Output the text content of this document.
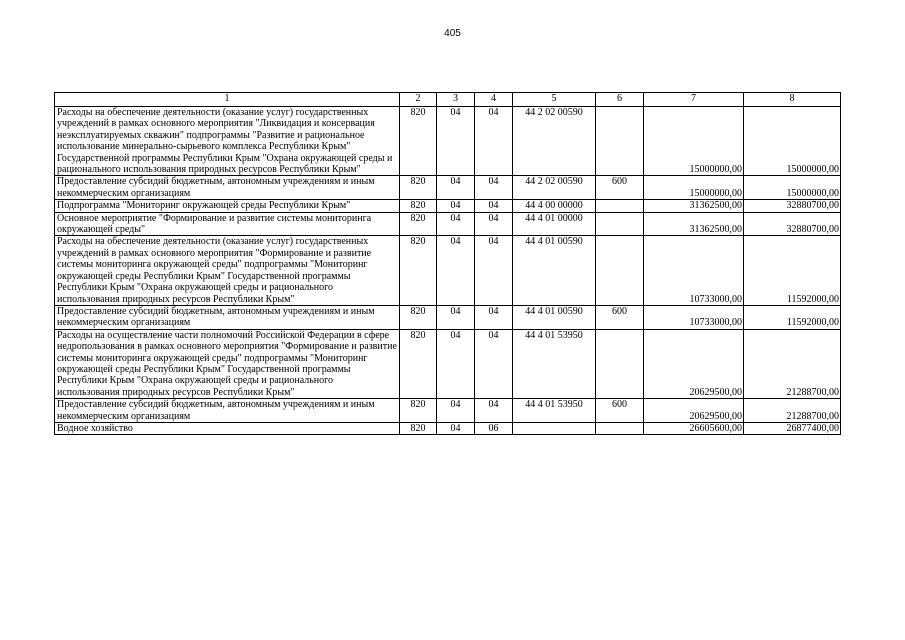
405
1	2	3	4	5	6	7	8
Расходы на обеспечение деятельности (оказание услуг) государственных учреждений в рамках основного мероприятия "Ликвидация и консервация неэксплуатируемых скважин" подпрограммы "Развитие и рациональное использование минерально-сырьевого комплекса Республики Крым" Государственной программы Республики Крым "Охрана окружающей среды и рационального использования природных ресурсов Республики Крым"	820	04	04	44 2 02 00590		15000000,00	15000000,00
Предоставление субсидий бюджетным, автономным учреждениям и иным некоммерческим организациям	820	04	04	44 2 02 00590	600	15000000,00	15000000,00
Подпрограмма "Мониторинг окружающей среды Республики Крым"	820	04	04	44 4 00 00000		31362500,00	32880700,00
Основное мероприятие "Формирование и развитие системы мониторинга окружающей среды"	820	04	04	44 4 01 00000		31362500,00	32880700,00
Расходы на обеспечение деятельности (оказание услуг) государственных учреждений в рамках основного мероприятия "Формирование и развитие системы мониторинга окружающей среды" подпрограммы "Мониторинг окружающей среды Республики Крым" Государственной программы Республики Крым "Охрана окружающей среды и рационального использования природных ресурсов Республики Крым"	820	04	04	44 4 01 00590		10733000,00	11592000,00
Предоставление субсидий бюджетным, автономным учреждениям и иным некоммерческим организациям	820	04	04	44 4 01 00590	600	10733000,00	11592000,00
Расходы на осуществление части полномочий Российской Федерации в сфере недропользования в рамках основного мероприятия "Формирование и развитие системы мониторинга окружающей среды" подпрограммы "Мониторинг окружающей среды Республики Крым" Государственной программы Республики Крым "Охрана окружающей среды и рационального использования природных ресурсов Республики Крым"	820	04	04	44 4 01 53950		20629500,00	21288700,00
Предоставление субсидий бюджетным, автономным учреждениям и иным некоммерческим организациям	820	04	04	44 4 01 53950	600	20629500,00	21288700,00
Водное хозяйство	820	04	06			26605600,00	26877400,00
